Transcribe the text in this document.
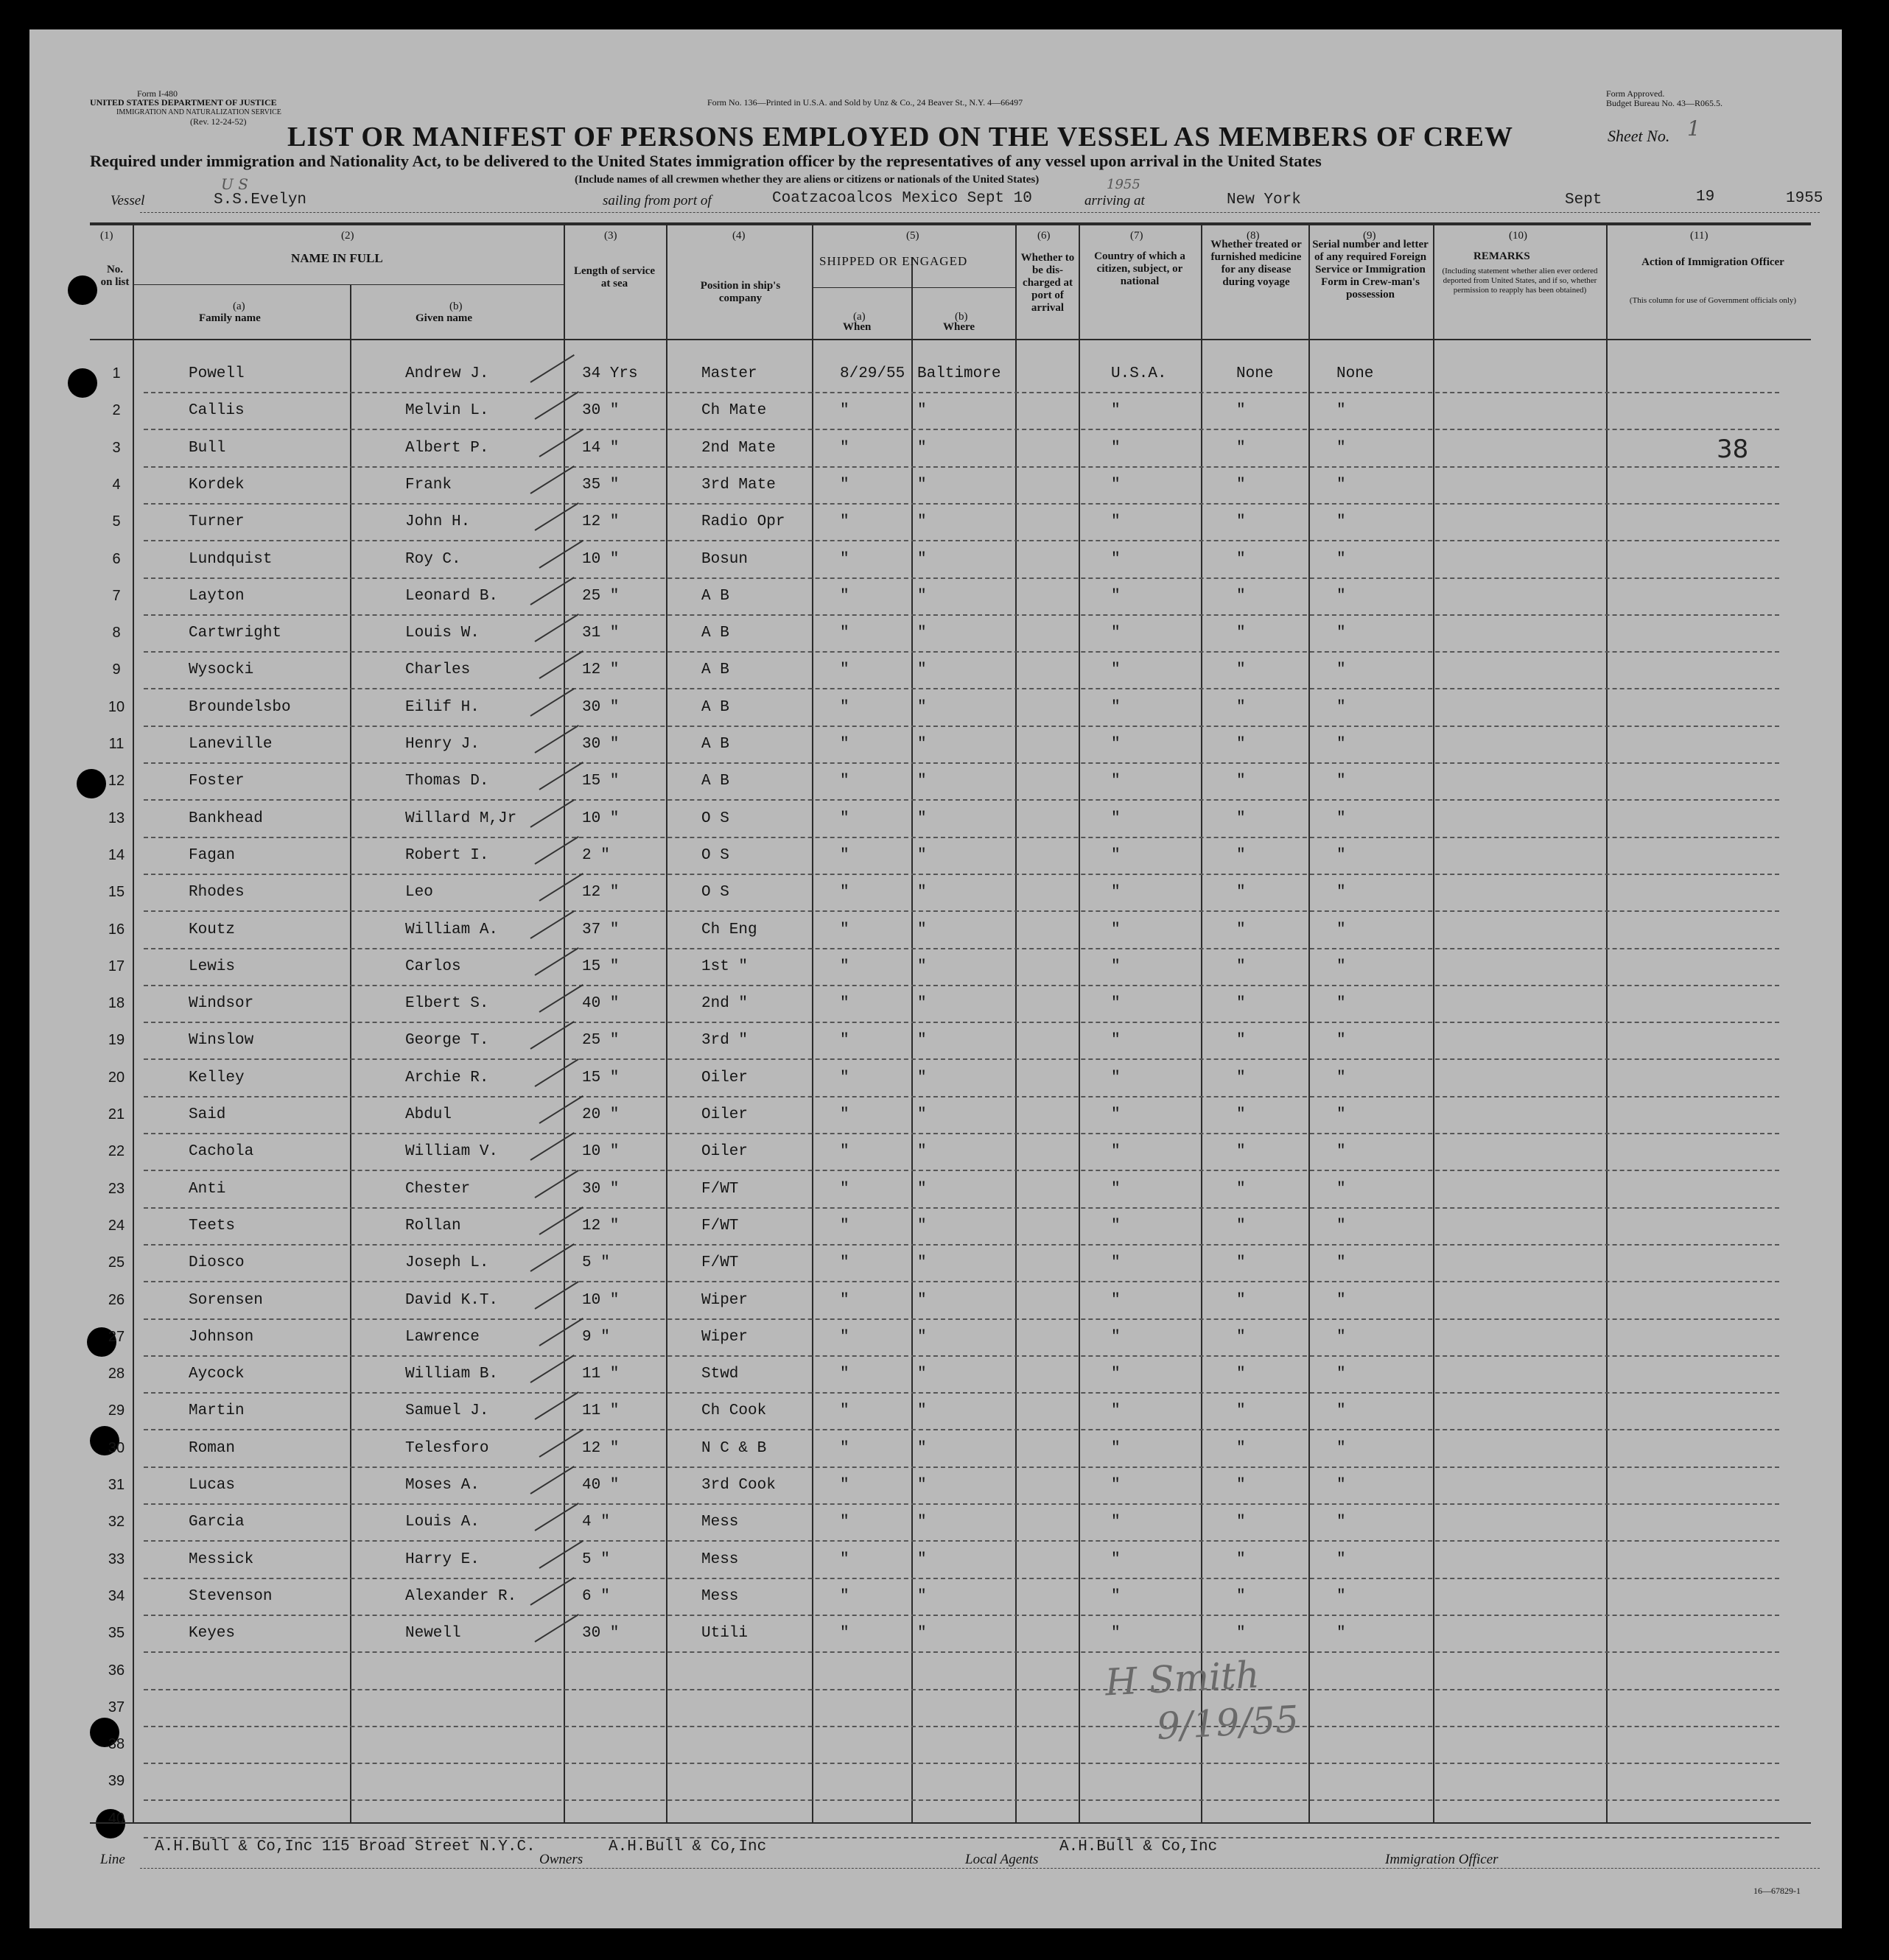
Form I-480
UNITED STATES DEPARTMENT OF JUSTICE
IMMIGRATION AND NATURALIZATION SERVICE
(Rev. 12-24-52)
Form No. 136—Printed in U.S.A. and Sold by Unz & Co., 24 Beaver St., N.Y. 4—66497
Form Approved.
Budget Bureau No. 43—R065.5.
LIST OR MANIFEST OF PERSONS EMPLOYED ON THE VESSEL AS MEMBERS OF CREW	Sheet No. 1
Required under immigration and Nationality Act, to be delivered to the United States immigration officer by the representatives of any vessel upon arrival in the United States
(Include names of all crewmen whether they are aliens or citizens or nationals of the United States)
Vessel
U S
S.S.Evelyn	sailing from port of	Coatzacoalcos Mexico Sept 10	arriving at
1955
New York	Sept	19	1955
(1)
No. on list
(2)
NAME IN FULL
(a)
Family name
(b)
Given name
(3)
Length of service at sea
(4)
Position in ship's company
(5)
SHIPPED OR ENGAGED
(a)
When
(b)
Where
(6)
Whether to be dis-charged at port of arrival
(7)
Country of which a citizen, subject, or national
(8)
Whether treated or furnished medicine for any disease during voyage
(9)
Serial number and letter of any required Foreign Service or Immigration Form in Crew-man's possession
(10)
REMARKS
(Including statement whether alien ever ordered deported from United States, and if so, whether permission to reapply has been obtained)
(11)
Action of Immigration Officer
(This column for use of Government officials only)
1	Powell	Andrew J.	34 Yrs	Master	8/29/55 Baltimore	U.S.A.	None	None
2	Callis	Melvin L.	30 "	Ch Mate	"	"	"	"	"
3	Bull	Albert P.	14 "	2nd Mate	"	"	"	"	"
4	Kordek	Frank	35 "	3rd Mate	"	"	"	"	"
5	Turner	John H.	12 "	Radio Opr	"	"	"	"	"
6	Lundquist	Roy C.	10 "	Bosun	"	"	"	"	"
7	Layton	Leonard B.	25 "	A B	"	"	"	"	"
8	Cartwright	Louis W.	31 "	A B	"	"	"	"	"
9	Wysocki	Charles	12 "	A B	"	"	"	"	"
10	Broundelsbo	Eilif H.	30 "	A B	"	"	"	"	"
11	Laneville	Henry J.	30 "	A B	"	"	"	"	"
12	Foster	Thomas D.	15 "	A B	"	"	"	"	"
13	Bankhead	Willard M,Jr	10 "	O S	"	"	"	"	"
14	Fagan	Robert I.	2 "	O S	"	"	"	"	"
15	Rhodes	Leo	12 "	O S	"	"	"	"	"
16	Koutz	William A.	37 "	Ch Eng	"	"	"	"	"
17	Lewis	Carlos	15 "	1st "	"	"	"	"	"
18	Windsor	Elbert S.	40 "	2nd "	"	"	"	"	"
19	Winslow	George T.	25 "	3rd "	"	"	"	"	"
20	Kelley	Archie R.	15 "	Oiler	"	"	"	"	"
21	Said	Abdul	20 "	Oiler	"	"	"	"	"
22	Cachola	William V.	10 "	Oiler	"	"	"	"	"
23	Anti	Chester	30 "	F/WT	"	"	"	"	"
24	Teets	Rollan	12 "	F/WT	"	"	"	"	"
25	Diosco	Joseph L.	5 "	F/WT	"	"	"	"	"
26	Sorensen	David K.T.	10 "	Wiper	"	"	"	"	"
27	Johnson	Lawrence	9 "	Wiper	"	"	"	"	"
28	Aycock	William B.	11 "	Stwd	"	"	"	"	"
29	Martin	Samuel J.	11 "	Ch Cook	"	"	"	"	"
30	Roman	Telesforo	12 "	N C & B	"	"	"	"	"
31	Lucas	Moses A.	40 "	3rd Cook	"	"	"	"	"
32	Garcia	Louis A.	4 "	Mess	"	"	"	"	"
33	Messick	Harry E.	5 "	Mess	"	"	"	"	"
34	Stevenson	Alexander R.	6 "	Mess	"	"	"	"	"
35	Keyes	Newell	30 "	Utili	"	"	"	"	"
36
37
38
39
40
38
H Smith
9/19/55
Line
A.H.Bull & Co,Inc 115 Broad Street N.Y.C.
Owners
A.H.Bull & Co,Inc
Local Agents
A.H.Bull & Co,Inc
Immigration Officer
16—67829-1
